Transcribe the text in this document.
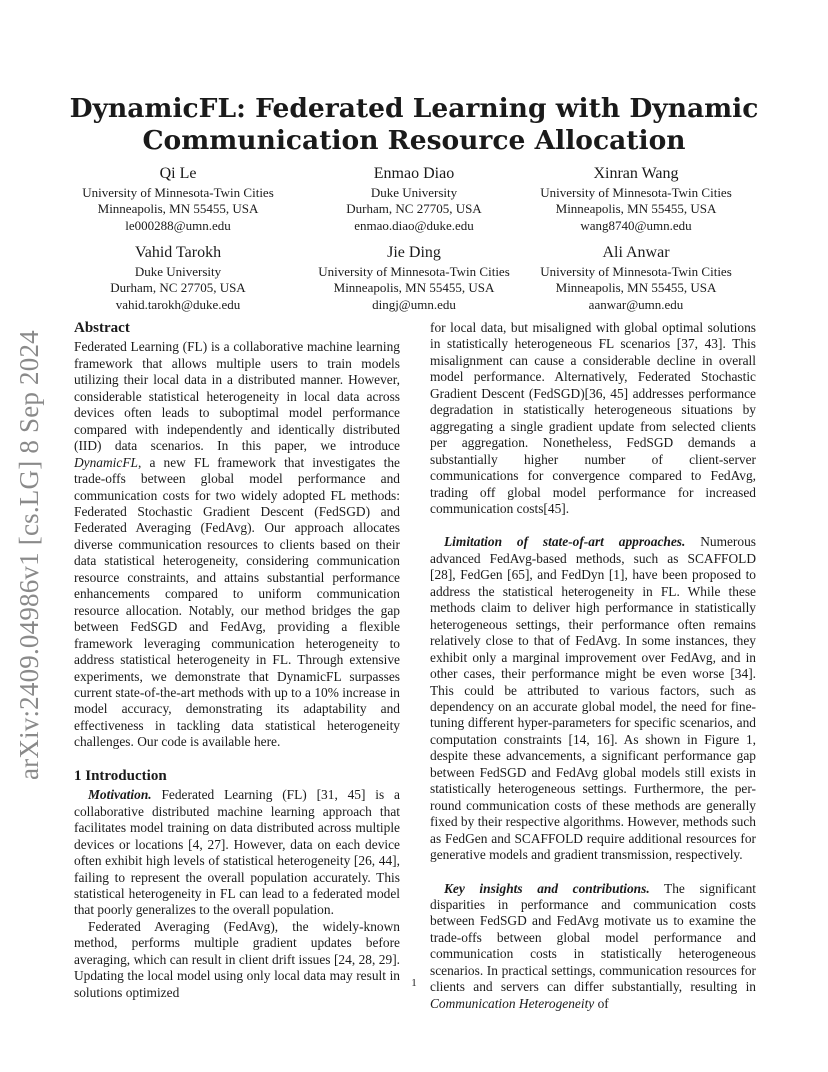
DynamicFL: Federated Learning with Dynamic
Communication Resource Allocation
Qi Le
University of Minnesota-Twin Cities
Minneapolis, MN 55455, USA
le000288@umn.edu
Enmao Diao
Duke University
Durham, NC 27705, USA
enmao.diao@duke.edu
Xinran Wang
University of Minnesota-Twin Cities
Minneapolis, MN 55455, USA
wang8740@umn.edu
Vahid Tarokh
Duke University
Durham, NC 27705, USA
vahid.tarokh@duke.edu
Jie Ding
University of Minnesota-Twin Cities
Minneapolis, MN 55455, USA
dingj@umn.edu
Ali Anwar
University of Minnesota-Twin Cities
Minneapolis, MN 55455, USA
aanwar@umn.edu
arXiv:2409.04986v1 [cs.LG] 8 Sep 2024
Abstract

Federated Learning (FL) is a collaborative machine learning framework that allows multiple users to train models utilizing their local data in a distributed manner. However, considerable statistical heterogeneity in local data across devices often leads to suboptimal model performance compared with independently and identically distributed (IID) data scenarios. In this paper, we introduce DynamicFL, a new FL framework that investigates the trade-offs between global model performance and communication costs for two widely adopted FL methods: Federated Stochastic Gradient Descent (FedSGD) and Federated Averaging (FedAvg). Our approach allocates diverse communication resources to clients based on their data statistical heterogeneity, considering communication resource constraints, and attains substantial performance enhancements compared to uniform communication resource allocation. Notably, our method bridges the gap between FedSGD and FedAvg, providing a flexible framework leveraging communication heterogeneity to address statistical heterogeneity in FL. Through extensive experiments, we demonstrate that DynamicFL surpasses current state-of-the-art methods with up to a 10% increase in model accuracy, demonstrating its adaptability and effectiveness in tackling data statistical heterogeneity challenges. Our code is available here.

1 Introduction

Motivation. Federated Learning (FL) [31, 45] is a collaborative distributed machine learning approach that facilitates model training on data distributed across multiple devices or locations [4, 27]. However, data on each device often exhibit high levels of statistical heterogeneity [26, 44], failing to represent the overall population accurately. This statistical heterogeneity in FL can lead to a federated model that poorly generalizes to the overall population.

Federated Averaging (FedAvg), the widely-known method, performs multiple gradient updates before averaging, which can result in client drift issues [24, 28, 29]. Updating the local model using only local data may result in solutions optimized

for local data, but misaligned with global optimal solutions in statistically heterogeneous FL scenarios [37, 43]. This misalignment can cause a considerable decline in overall model performance. Alternatively, Federated Stochastic Gradient Descent (FedSGD)[36, 45] addresses performance degradation in statistically heterogeneous situations by aggregating a single gradient update from selected clients per aggregation. Nonetheless, FedSGD demands a substantially higher number of client-server communications for convergence compared to FedAvg, trading off global model performance for increased communication costs[45].

Limitation of state-of-art approaches. Numerous advanced FedAvg-based methods, such as SCAFFOLD [28], FedGen [65], and FedDyn [1], have been proposed to address the statistical heterogeneity in FL. While these methods claim to deliver high performance in statistically heterogeneous settings, their performance often remains relatively close to that of FedAvg. In some instances, they exhibit only a marginal improvement over FedAvg, and in other cases, their performance might be even worse [34]. This could be attributed to various factors, such as dependency on an accurate global model, the need for fine-tuning different hyper-parameters for specific scenarios, and computation constraints [14, 16]. As shown in Figure 1, despite these advancements, a significant performance gap between FedSGD and FedAvg global models still exists in statistically heterogeneous settings. Furthermore, the per-round communication costs of these methods are generally fixed by their respective algorithms. However, methods such as FedGen and SCAFFOLD require additional resources for generative models and gradient transmission, respectively.

Key insights and contributions. The significant disparities in performance and communication costs between FedSGD and FedAvg motivate us to examine the trade-offs between global model performance and communication costs in statistically heterogeneous scenarios. In practical settings, communication resources for clients and servers can differ substantially, resulting in Communication Heterogeneity of

1
